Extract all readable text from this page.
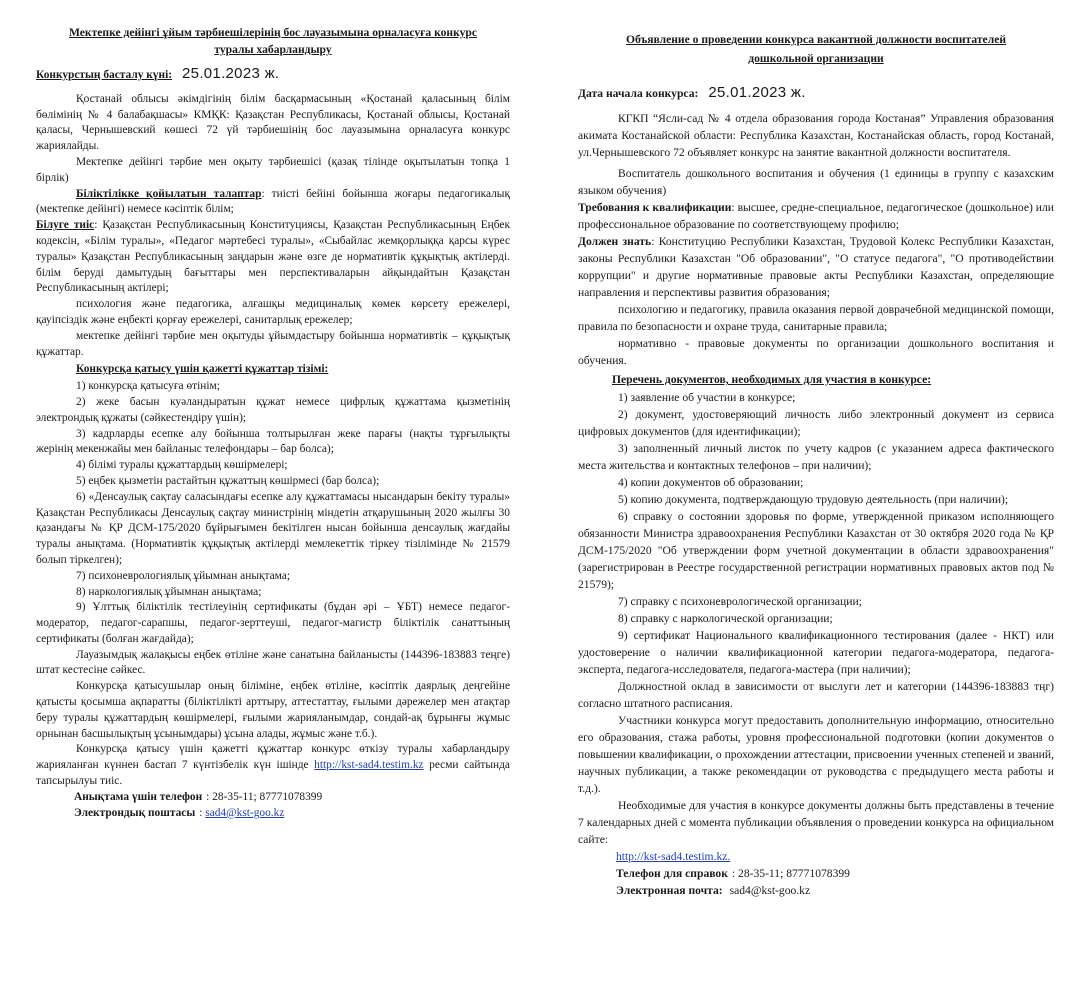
Мектепке дейінгі ұйым тәрбиешілерінің бос лауазымына орналасуға конкурс туралы хабарландыру
Конкурстың басталу күні: 25.01.2023 ж.

Қостанай облысы әкімдігінің білім басқармасының «Қостанай қаласының білім бөлімінің № 4 балабақшасы» КМҚК: Қазақстан Республикасы, Қостанай облысы, Қостанай қаласы, Чернышевский көшесі 72 үй тәрбиешінің бос лауазымына орналасуға конкурс жариялайды.

Мектепке дейінгі тәрбие мен оқыту тәрбиешісі (қазақ тілінде оқытылатын топқа 1 бірлік)

Біліктілікке қойылатын талаптар: тиісті бейіні бойынша жоғары педагогикалық (мектепке дейінгі) немесе кәсіптік білім;

Білуге тиіс: Қазақстан Республикасының Конституциясы, Қазақстан Республикасының Еңбек кодексін, «Білім туралы», «Педагог мәртебесі туралы», «Сыбайлас жемқорлыққа қарсы күрес туралы» Қазақстан Республикасының заңдарын және өзге де нормативтік құқықтық актілерді. білім беруді дамытудың бағыттары мен перспективаларын айқындайтын Қазақстан Республикасының актілері;

психология және педагогика, алғашқы медициналық көмек көрсету ережелері, қауіпсіздік және еңбекті қорғау ережелері, санитарлық ережелер;

мектепке дейінгі тәрбие мен оқытуды ұйымдастыру бойынша нормативтік – құқықтық құжаттар.

Конкурсқа қатысу үшін қажетті құжаттар тізімі:

1) конкурсқа қатысуға өтінім;

2) жеке басын куәландыратын құжат немесе цифрлық құжаттама қызметінің электрондық құжаты (сәйкестендіру үшін);

3) кадрларды есепке алу бойынша толтырылған жеке парағы (нақты тұрғылықты жерінің мекенжайы мен байланыс телефондары – бар болса);

4) білімі туралы құжаттардың көшірмелері;

5) еңбек қызметін растайтын құжаттың көшірмесі (бар болса);

6) «Денсаулық сақтау саласындағы есепке алу құжаттамасы нысандарын бекіту туралы» Қазақстан Республикасы Денсаулық сақтау министрінің міндетін атқарушының 2020 жылғы 30 қазандағы № ҚР ДСМ-175/2020 бұйрығымен бекітілген нысан бойынша денсаулық жағдайы туралы анықтама. (Нормативтік құқықтық актілерді мемлекеттік тіркеу тізілімінде № 21579 болып тіркелген);

7) психоневрологиялық ұйымнан анықтама;

8) наркологиялық ұйымнан анықтама;

9) Ұлттық біліктілік тестілеуінің сертификаты (бұдан әрі – ҰБТ) немесе педагог-модератор, педагог-сарапшы, педагог-зерттеуші, педагог-магистр біліктілік санаттының сертификаты (болған жағдайда);

Лауазымдық жалақысы еңбек өтіліне және санатына байланысты (144396-183883 теңге) штат кестесіне сәйкес.

Конкурсқа қатысушылар оның біліміне, еңбек өтіліне, кәсіптік даярлық деңгейіне қатысты қосымша ақпаратты (біліктілікті арттыру, аттестаттау, ғылыми дәрежелер мен атақтар беру туралы құжаттардың көшірмелері, ғылыми жарияланымдар, сондай-ақ бұрынғы жұмыс орнынан басшылықтың ұсынымдары) ұсына алады, жұмыс және т.б.).

Конкурсқа қатысу үшін қажетті құжаттар конкурс өткізу туралы хабарландыру жарияланған күннен бастап 7 күнтізбелік күн ішінде http://kst-sad4.testim.kz ресми сайтында тапсырылуы тиіс.

Анықтама үшін телефон : 28-35-11; 87771078399
Электрондық поштасы : sad4@kst-goo.kz
Объявление о проведении конкурса вакантной должности воспитателей дошкольной организации
Дата начала конкурса: 25.01.2023 ж.

КГКП “Ясли-сад № 4 отдела образования города Костаная” Управления образования акимата Костанайской области: Республика Казахстан, Костанайская область, город Костанай, ул.Чернышевского 72 объявляет конкурс на занятие вакантной должности воспитателя.

Воспитатель дошкольного воспитания и обучения (1 единицы в группу с казахским языком обучения)

Требования к квалификации: высшее, средне-специальное, педагогическое (дошкольное) или профессиональное образование по соответствующему профилю;

Должен знать: Конституцию Республики Казахстан, Трудовой Колекс Республики Казахстан, законы Республики Казахстан "Об образовании", "О статусе педагога", "О противодействии коррупции" и другие нормативные правовые акты Республики Казахстан, определяющие направления и перспективы развития образования;

психологию и педагогику, правила оказания первой доврачебной медицинской помощи, правила по безопасности и охране труда, санитарные правила;

нормативно - правовые документы по организации дошкольного воспитания и обучения.

Перечень документов, необходимых для участия в конкурсе:

1) заявление об участии в конкурсе;

2) документ, удостоверяющий личность либо электронный документ из сервиса цифровых документов (для идентификации);

3) заполненный личный листок по учету кадров (с указанием адреса фактического места жительства и контактных телефонов – при наличии);

4) копии документов об образовании;

5) копию документа, подтверждающую трудовую деятельность (при наличии);

6) справку о состоянии здоровья по форме, утвержденной приказом исполняющего обязанности Министра здравоохранения Республики Казахстан от 30 октября 2020 года № ҚР ДСМ-175/2020 "Об утверждении форм учетной документации в области здравоохранения" (зарегистрирован в Реестре государственной регистрации нормативных правовых актов под № 21579);

7) справку с психоневрологической организации;

8) справку с наркологической организации;

9) сертификат Национального квалификационного тестирования (далее - НКТ) или удостоверение о наличии квалификационной категории педагога-модератора, педагога-эксперта, педагога-исследователя, педагога-мастера (при наличии);

Должностной оклад в зависимости от выслуги лет и категории (144396-183883 тңг) согласно штатного расписания.

Участники конкурса могут предоставить дополнительную информацию, относительно его образования, стажа работы, уровня профессиональной подготовки (копии документов о повышении квалификации, о прохождении аттестации, присвоении ученных степеней и званий, научных публикации, а также рекомендации от руководства с предыдущего места работы и т.д.).

Необходимые для участия в конкурсе документы должны быть представлены в течение 7 календарных дней с момента публикации объявления о проведении конкурса на официальном сайте:

http://kst-sad4.testim.kz.
Телефон для справок : 28-35-11; 87771078399
Электронная почта: sad4@kst-goo.kz
